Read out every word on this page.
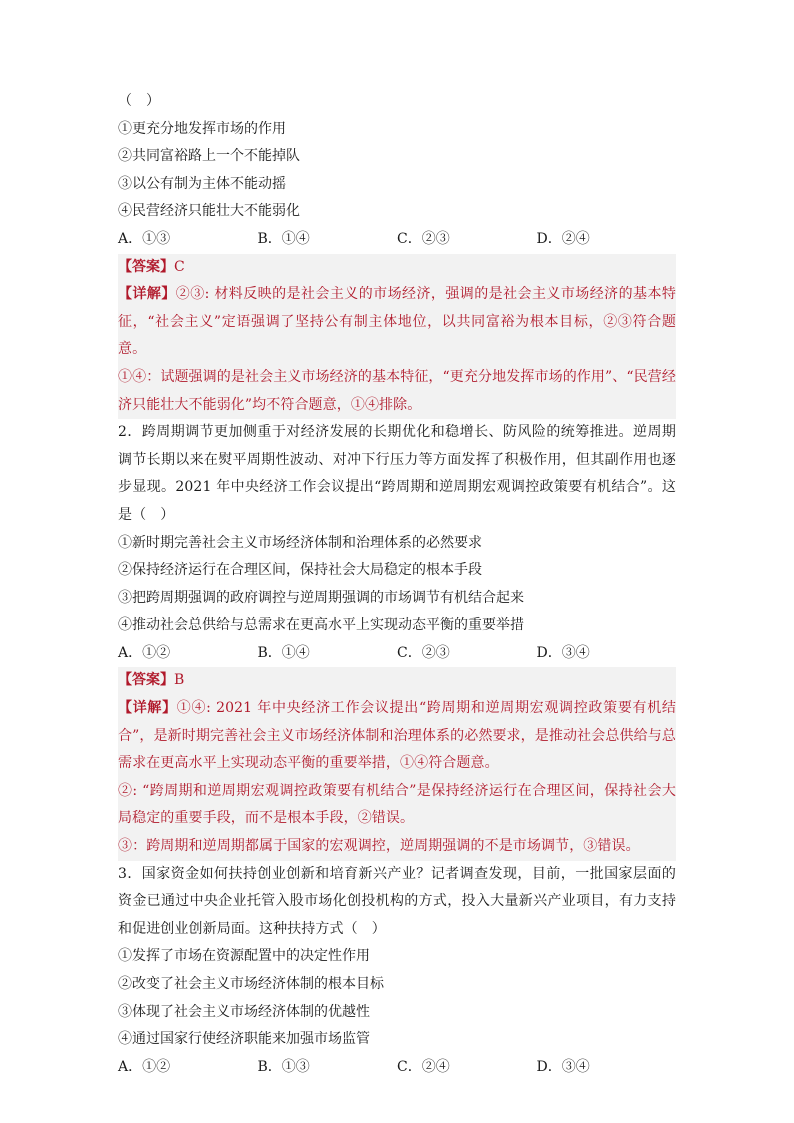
（　）
①更充分地发挥市场的作用
②共同富裕路上一个不能掉队
③以公有制为主体不能动摇
④民营经济只能壮大不能弱化
A．①③	B．①④	C．②③	D．②④

【答案】C

【详解】②③: 材料反映的是社会主义的市场经济，强调的是社会主义市场经济的基本特征，“社会主义”定语强调了坚持公有制主体地位，以共同富裕为根本目标，②③符合题意。

①④：试题强调的是社会主义市场经济的基本特征，“更充分地发挥市场的作用”、“民营经济只能壮大不能弱化”均不符合题意，①④排除。

2．跨周期调节更加侧重于对经济发展的长期优化和稳增长、防风险的统筹推进。逆周期调节长期以来在熨平周期性波动、对冲下行压力等方面发挥了积极作用，但其副作用也逐步显现。2021 年中央经济工作会议提出“跨周期和逆周期宏观调控政策要有机结合”。这是（　）
①新时期完善社会主义市场经济体制和治理体系的必然要求
②保持经济运行在合理区间，保持社会大局稳定的根本手段
③把跨周期强调的政府调控与逆周期强调的市场调节有机结合起来
④推动社会总供给与总需求在更高水平上实现动态平衡的重要举措
A．①②	B．①④	C．②③	D．③④

【答案】B

【详解】①④: 2021 年中央经济工作会议提出“跨周期和逆周期宏观调控政策要有机结合”，是新时期完善社会主义市场经济体制和治理体系的必然要求，是推动社会总供给与总需求在更高水平上实现动态平衡的重要举措，①④符合题意。

②: “跨周期和逆周期宏观调控政策要有机结合”是保持经济运行在合理区间，保持社会大局稳定的重要手段，而不是根本手段，②错误。

③：跨周期和逆周期都属于国家的宏观调控，逆周期强调的不是市场调节，③错误。

3．国家资金如何扶持创业创新和培育新兴产业？记者调查发现，目前，一批国家层面的资金已通过中央企业托管入股市场化创投机构的方式，投入大量新兴产业项目，有力支持和促进创业创新局面。这种扶持方式（　）
①发挥了市场在资源配置中的决定性作用
②改变了社会主义市场经济体制的根本目标
③体现了社会主义市场经济体制的优越性
④通过国家行使经济职能来加强市场监管
A．①②	B．①③	C．②④	D．③④
